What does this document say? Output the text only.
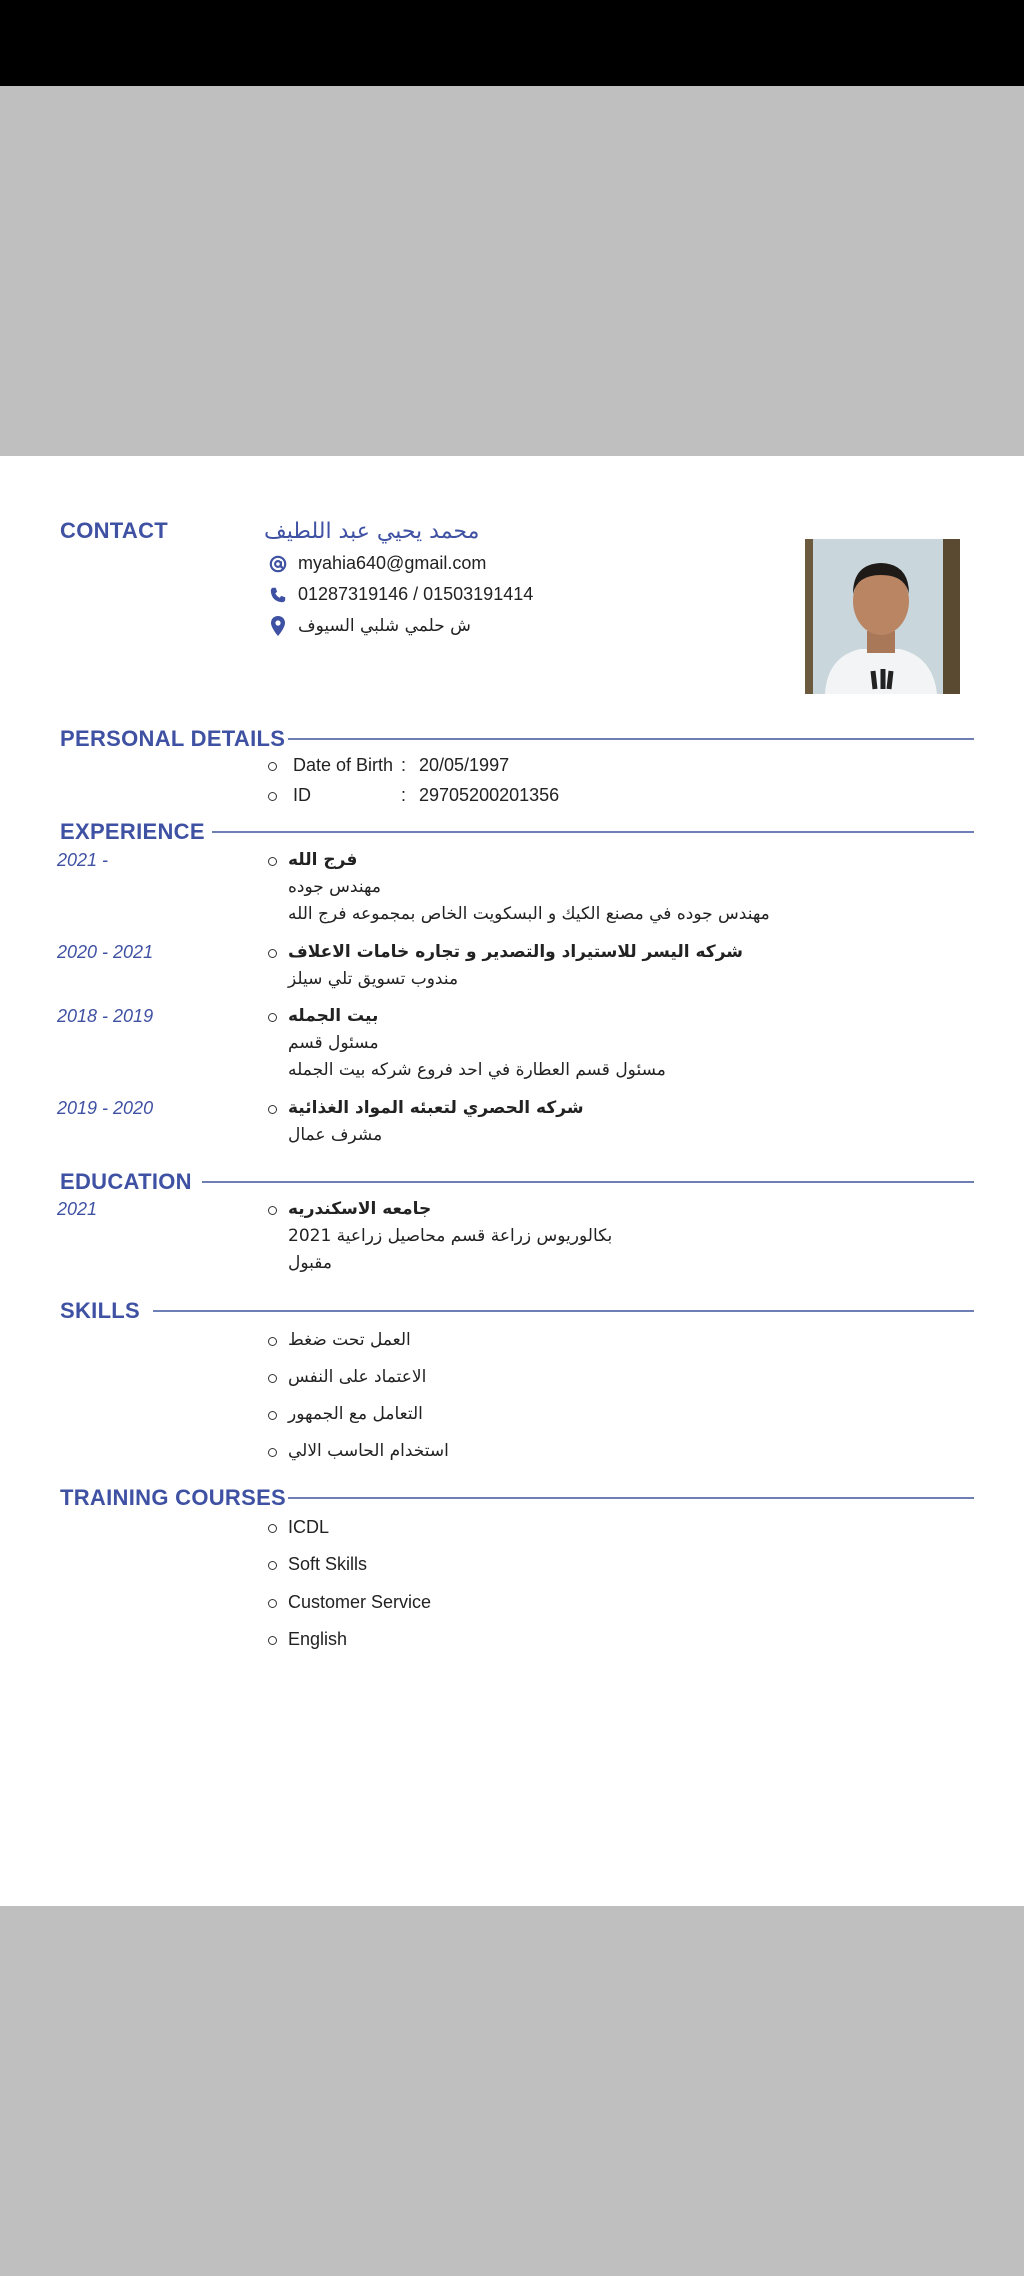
CONTACT	محمد يحيي عبد اللطيف
myahia640@gmail.com
01287319146 / 01503191414
ش حلمي شلبي السيوف
PERSONAL DETAILS
Date of Birth : 20/05/1997
ID	: 29705200201356
EXPERIENCE
2021 -	فرج الله
مهندس جوده
مهندس جوده في مصنع الكيك و البسكويت الخاص بمجموعه فرج الله
2020 - 2021	شركه اليسر للاستيراد والتصدير و تجاره خامات الاعلاف
مندوب تسويق تلي سيلز
2018 - 2019	بيت الجمله
مسئول قسم
مسئول قسم العطارة في احد فروع شركه بيت الجمله
2019 - 2020	شركه الحصري لتعبئه المواد الغذائية
مشرف عمال
EDUCATION
2021	جامعه الاسكندريه
بكالوريوس زراعة قسم محاصيل زراعية 2021
مقبول
SKILLS
العمل تحت ضغط
الاعتماد على النفس
التعامل مع الجمهور
استخدام الحاسب الالي
TRAINING COURSES
ICDL
Soft Skills
Customer Service
English
